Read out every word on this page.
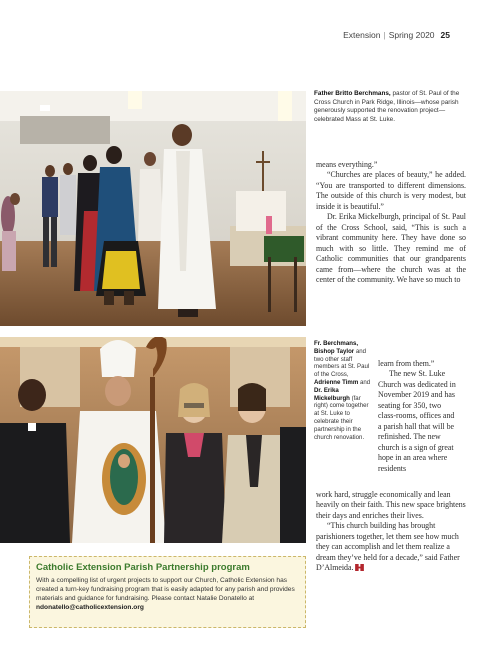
Extension | Spring 2020 25
Father Britto Berchmans, pastor of St. Paul of the Cross Church in Park Ridge, Illinois—whose parish generously supported the renovation project—celebrated Mass at St. Luke.

means everything.”

“Churches are places of beauty,” he added. “You are transported to different dimensions. The outside of this church is very modest, but inside it is beautiful.”

Dr. Erika Mickelburgh, principal of St. Paul of the Cross School, said, “This is such a vibrant community here. They have done so much with so little. They remind me of Catholic communities that our grandparents came from—where the church was at the center of the community. We have so much to

Fr. Berchmans, Bishop Taylor and two other staff members at St. Paul of the Cross, Adrienne Timm and Dr. Erika Mickelburgh (far right) come together at St. Luke to celebrate their partnership in the church renovation.

learn from them.”

The new St. Luke Church was dedicated in November 2019 and has seating for 350, two class-rooms, offices and a parish hall that will be refinished. The new church is a sign of great hope in an area where residents

work hard, struggle economically and lean heavily on their faith. This new space brightens their days and enriches their lives.

“This church building has brought parishioners together, let them see how much they can accomplish and let them realize a dream they’ve held for a decade,” said Father D’Almeida.

Catholic Extension Parish Partnership program

With a compelling list of urgent projects to support our Church, Catholic Extension has created a turn-key fundraising program that is easily adapted for any parish and provides materials and guidance for fundraising. Please contact Natalie Donatello at ndonatello@catholicextension.org
